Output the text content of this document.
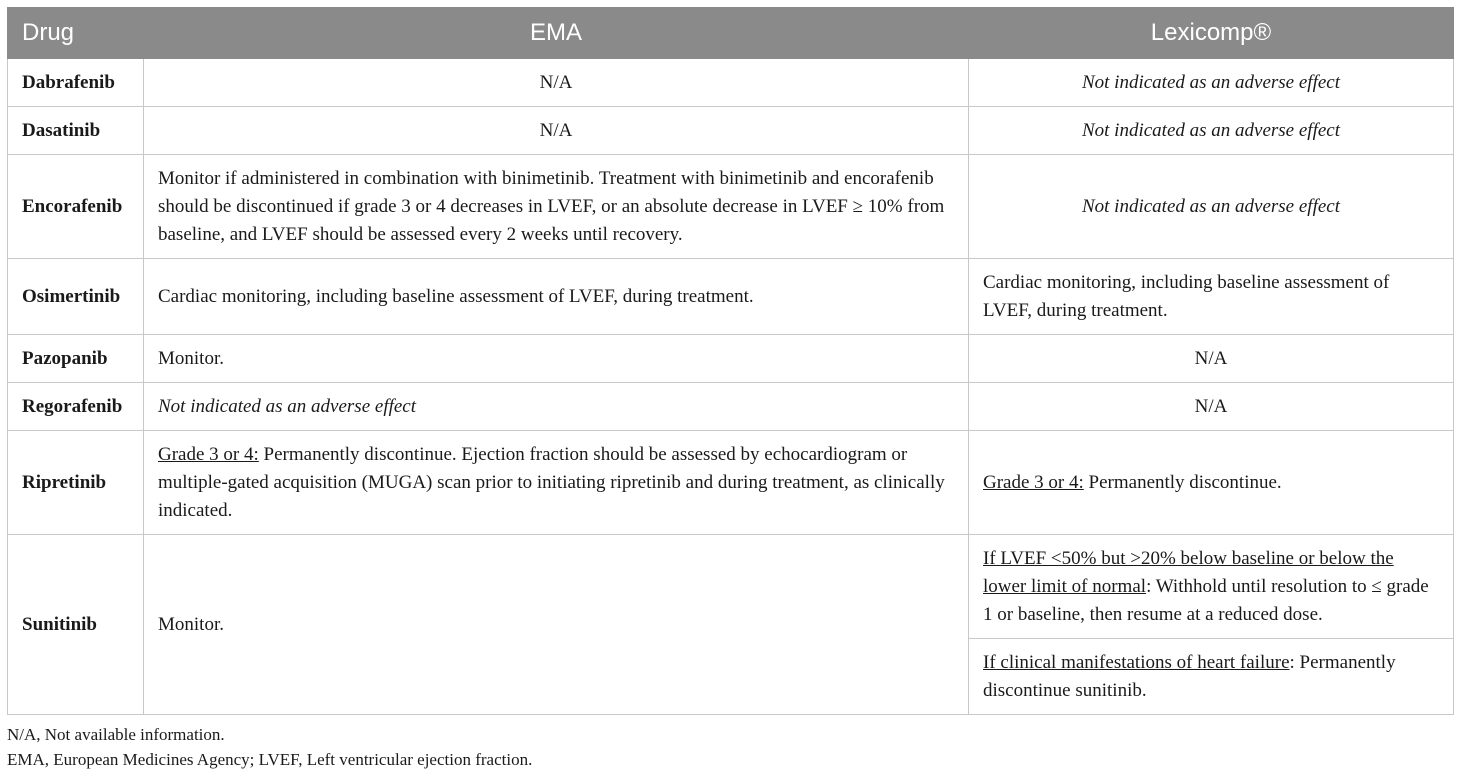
Drug	EMA	Lexicomp®
Dabrafenib	N/A	Not indicated as an adverse effect
Dasatinib	N/A	Not indicated as an adverse effect
Encorafenib	Monitor if administered in combination with binimetinib. Treatment with binimetinib and encorafenib should be discontinued if grade 3 or 4 decreases in LVEF, or an absolute decrease in LVEF ≥ 10% from baseline, and LVEF should be assessed every 2 weeks until recovery.	Not indicated as an adverse effect
Osimertinib	Cardiac monitoring, including baseline assessment of LVEF, during treatment.	Cardiac monitoring, including baseline assessment of LVEF, during treatment.
Pazopanib	Monitor.	N/A
Regorafenib	Not indicated as an adverse effect	N/A
Ripretinib	Grade 3 or 4: Permanently discontinue. Ejection fraction should be assessed by echocardiogram or multiple-gated acquisition (MUGA) scan prior to initiating ripretinib and during treatment, as clinically indicated.	Grade 3 or 4: Permanently discontinue.
Sunitinib	Monitor.	If LVEF <50% but >20% below baseline or below the lower limit of normal: Withhold until resolution to ≤ grade 1 or baseline, then resume at a reduced dose.
		If clinical manifestations of heart failure: Permanently discontinue sunitinib.
N/A, Not available information.
EMA, European Medicines Agency; LVEF, Left ventricular ejection fraction.
